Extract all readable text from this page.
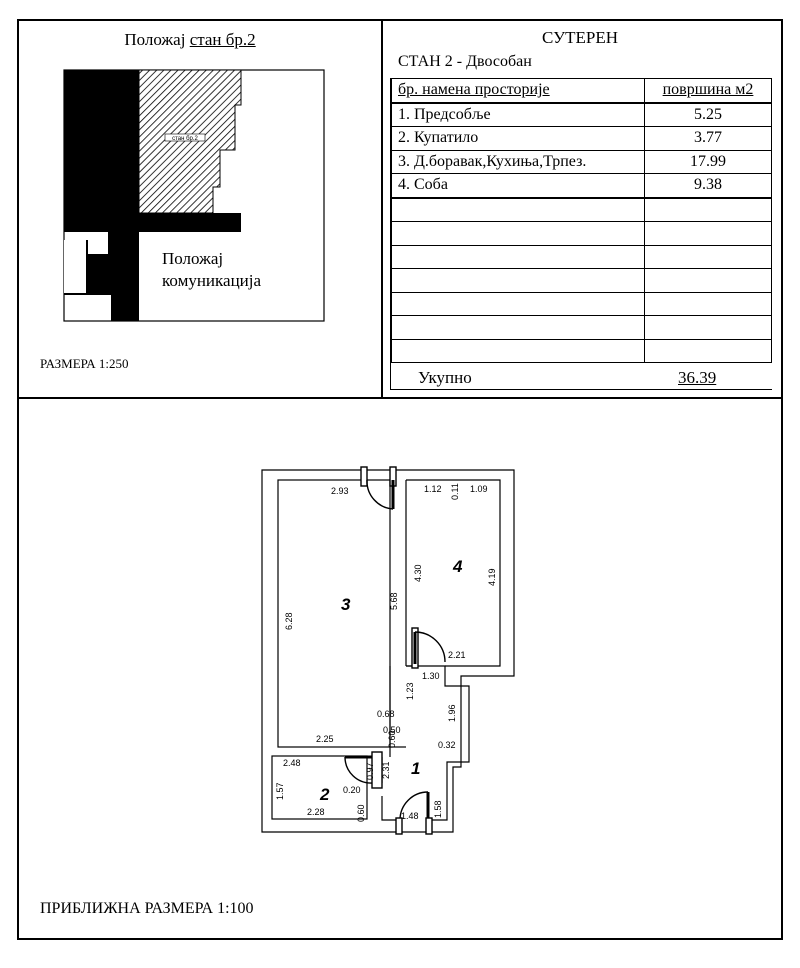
Положај стан бр.2
стан бр.2
Положај
комуникација
РАЗМЕРА 1:250
СУТЕРЕН
СТАН 2 - Двособан
бр. намена просторије	површина м2
1. Предсобље	5.25
2. Купатило	3.77
3. Д.боравак,Кухиња,Трпез.	17.99
4. Соба	9.38

Укупно	36.39
3
4
1
2
2.93	1.12 0.11 1.09
6.28
5.68
4.30	4.19
2.21
1.30
1.23
1.96
0.68
0.50
0.60	0.32
2.25
2.48	0.97 2.31
1.57	0.20
1.58
0.60
2.28	1.48
ПРИБЛИЖНА РАЗМЕРА 1:100
